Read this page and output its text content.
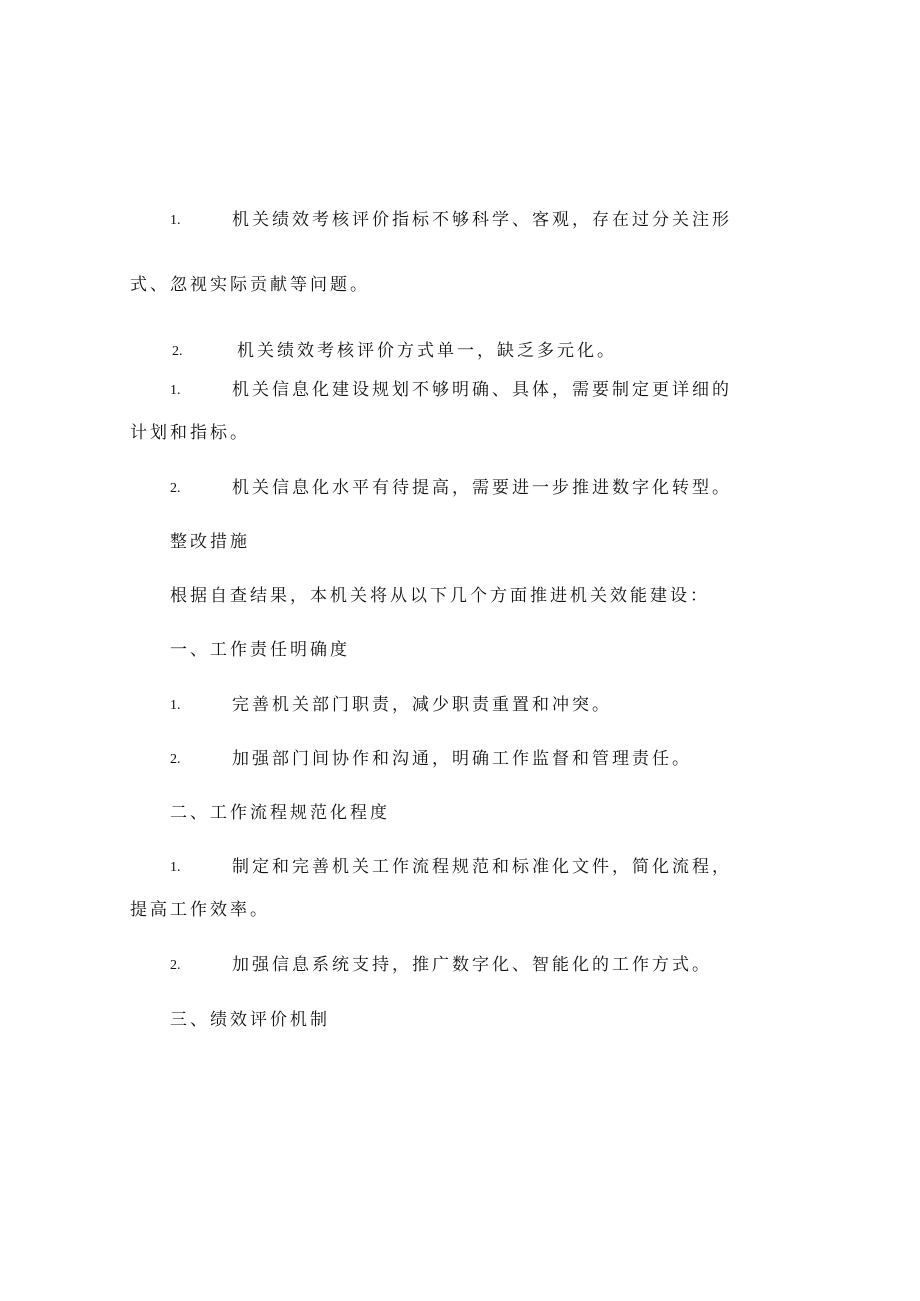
1.	机关绩效考核评价指标不够科学、客观，存在过分关注形
式、忽视实际贡献等问题。
2.	机关绩效考核评价方式单一，缺乏多元化。
1.	机关信息化建设规划不够明确、具体，需要制定更详细的
计划和指标。
2.	机关信息化水平有待提高，需要进一步推进数字化转型。
整改措施
根据自查结果，本机关将从以下几个方面推进机关效能建设：
一、工作责任明确度
1.	完善机关部门职责，减少职责重置和冲突。
2.	加强部门间协作和沟通，明确工作监督和管理责任。
二、工作流程规范化程度
1.	制定和完善机关工作流程规范和标准化文件，简化流程，
提高工作效率。
2.	加强信息系统支持，推广数字化、智能化的工作方式。
三、绩效评价机制
